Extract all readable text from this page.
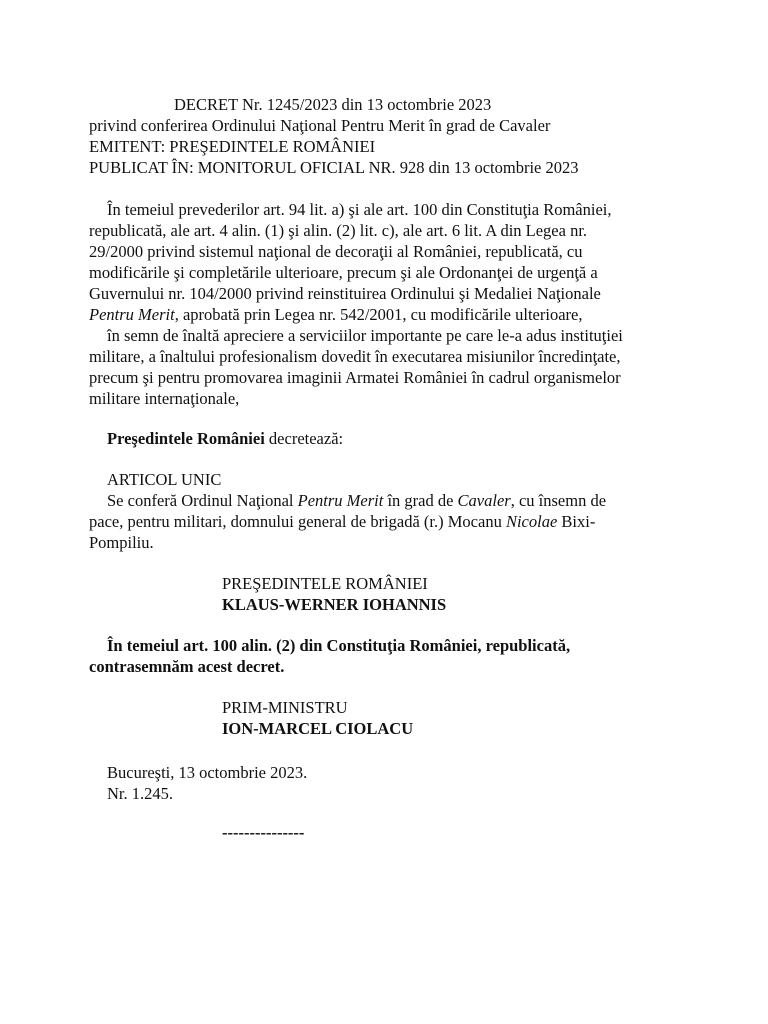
DECRET Nr. 1245/2023 din 13 octombrie 2023
privind conferirea Ordinului Naţional Pentru Merit în grad de Cavaler
EMITENT: PREŞEDINTELE ROMÂNIEI
PUBLICAT ÎN: MONITORUL OFICIAL NR. 928 din 13 octombrie 2023
În temeiul prevederilor art. 94 lit. a) şi ale art. 100 din Constituţia României,
republicată, ale art. 4 alin. (1) şi alin. (2) lit. c), ale art. 6 lit. A din Legea nr.
29/2000 privind sistemul naţional de decoraţii al României, republicată, cu
modificările şi completările ulterioare, precum şi ale Ordonanţei de urgenţă a
Guvernului nr. 104/2000 privind reinstituirea Ordinului şi Medaliei Naţionale
Pentru Merit, aprobată prin Legea nr. 542/2001, cu modificările ulterioare,
în semn de înaltă apreciere a serviciilor importante pe care le-a adus instituţiei
militare, a înaltului profesionalism dovedit în executarea misiunilor încredinţate,
precum şi pentru promovarea imaginii Armatei României în cadrul organismelor
militare internaţionale,
Preşedintele României decretează:
ARTICOL UNIC
Se conferă Ordinul Naţional Pentru Merit în grad de Cavaler, cu însemn de
pace, pentru militari, domnului general de brigadă (r.) Mocanu Nicolae Bixi-
Pompiliu.
PREŞEDINTELE ROMÂNIEI
KLAUS-WERNER IOHANNIS
În temeiul art. 100 alin. (2) din Constituţia României, republicată,
contrasemnăm acest decret.
PRIM-MINISTRU
ION-MARCEL CIOLACU
Bucureşti, 13 octombrie 2023.
Nr. 1.245.
---------------
